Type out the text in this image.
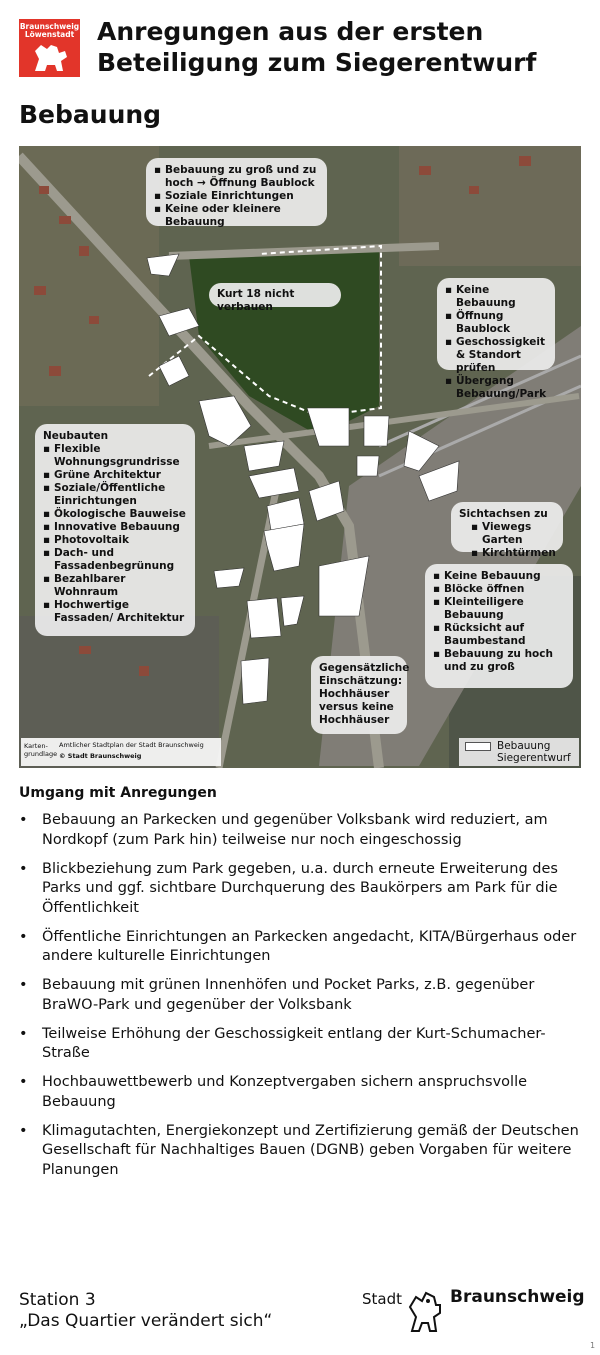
Braunschweig Löwenstadt Anregungen aus der ersten Beteiligung zum Siegerentwurf
Bebauung
▪ Bebauung zu groß und zu hoch → Öffnung Baublock
▪ Soziale Einrichtungen
▪ Keine oder kleinere Bebauung
Kurt 18 nicht verbauen
▪ Keine Bebauung
▪ Öffnung Baublock
▪ Geschossigkeit & Standort prüfen
▪ Übergang Bebauung/Park
Neubauten
▪ Flexible Wohnungsgrundrisse
▪ Grüne Architektur
▪ Soziale/Öffentliche Einrichtungen
▪ Ökologische Bauweise
▪ Innovative Bebauung
▪ Photovoltaik
▪ Dach- und Fassadenbegrünung
▪ Bezahlbarer Wohnraum
▪ Hochwertige Fassaden/ Architektur
Sichtachsen zu
▪ Viewegs Garten
▪ Kirchtürmen
▪ Keine Bebauung
▪ Blöcke öffnen
▪ Kleinteiligere Bebauung
▪ Rücksicht auf Baumbestand
▪ Bebauung zu hoch und zu groß
Gegensätzliche Einschätzung: Hochhäuser versus keine Hochhäuser
Karten-grundlage
Amtlicher Stadtplan der Stadt Braunschweig
© Stadt Braunschweig
Bebauung Siegerentwurf
Umgang mit Anregungen
• Bebauung an Parkecken und gegenüber Volksbank wird reduziert, am Nordkopf (zum Park hin) teilweise nur noch eingeschossig
• Blickbeziehung zum Park gegeben, u.a. durch erneute Erweiterung des Parks und ggf. sichtbare Durchquerung des Baukörpers am Park für die Öffentlichkeit
• Öffentliche Einrichtungen an Parkecken angedacht, KITA/Bürgerhaus oder andere kulturelle Einrichtungen
• Bebauung mit grünen Innenhöfen und Pocket Parks, z.B. gegenüber BraWO-Park und gegenüber der Volksbank
• Teilweise Erhöhung der Geschossigkeit entlang der Kurt-Schumacher-Straße
• Hochbauwettbewerb und Konzeptvergaben sichern anspruchsvolle Bebauung
• Klimagutachten, Energiekonzept und Zertifizierung gemäß der Deutschen Gesellschaft für Nachhaltiges Bauen (DGNB) geben Vorgaben für weitere Planungen
Station 3
„Das Quartier verändert sich“
Stadt	Braunschweig
1
